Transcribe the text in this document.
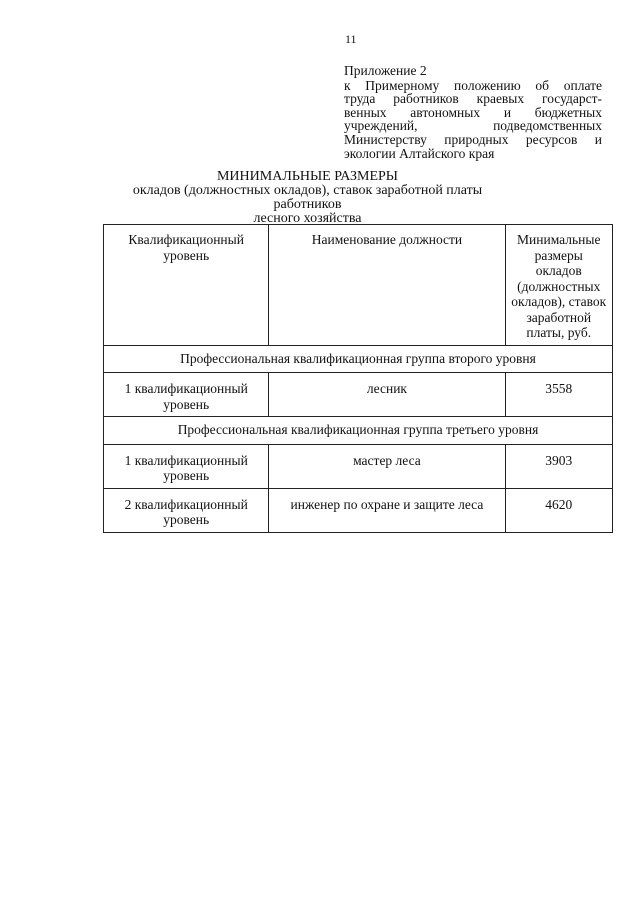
11
Приложение 2
к Примерному положению об оплате
труда работников краевых государст-
венных автономных и бюджетных
учреждений, подведомственных
Министерству природных ресурсов и
экологии Алтайского края
МИНИМАЛЬНЫЕ РАЗМЕРЫ
окладов (должностных окладов), ставок заработной платы работников
лесного хозяйства
Квалификационный уровень	Наименование должности	Минимальные размеры окладов (должностных окладов), ставок заработной платы, руб.
Профессиональная квалификационная группа второго уровня		
1 квалификационный уровень	лесник	3558
Профессиональная квалификационная группа третьего уровня		
1 квалификационный уровень	мастер леса	3903
2 квалификационный уровень	инженер по охране и защите леса	4620
